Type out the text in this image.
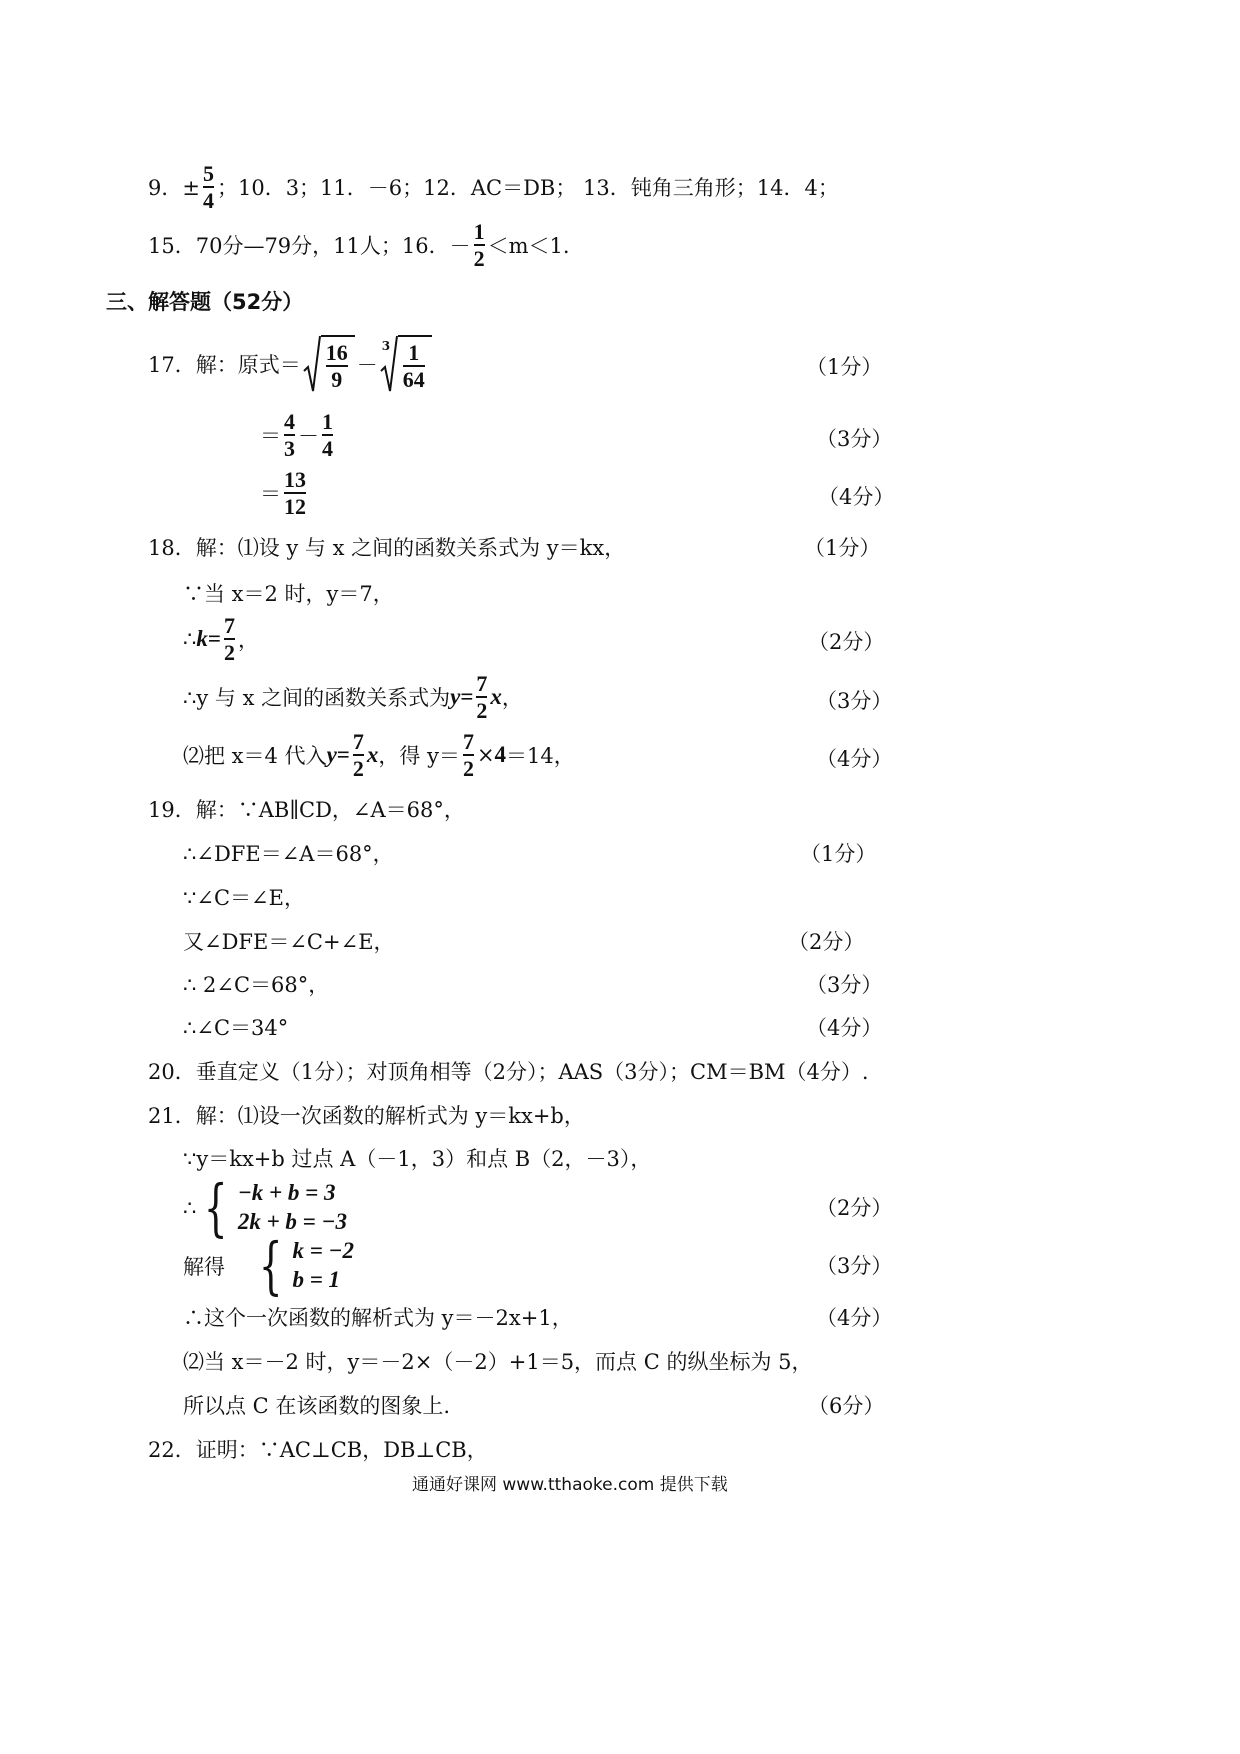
9．± $\frac{5}{4}$ ；10．3；11．－6；12．AC＝DB； 13．钝角三角形；14．4；
15．70分—79分，11人；16．－ $\frac{1}{2} <m<1$.
三、解答题（52分）
17．解：原式＝ $\frac{16}{9}$ －
$3 \frac{1}{64}$	（1分）
＝ $\frac{4}{3} - \frac{1}{4}$	（3分）
＝ $\frac{13}{12}$	（4分）
18．解：⑴设 y 与 x 之间的函数关系式为 y＝kx，	（1分）
∵当 x＝2 时，y＝7，
∴ $k = \frac{7}{2}$ ，	（2分）
∴y 与 x 之间的函数关系式为 $y = \frac{7}{2}$ x ，	（3分）
⑵把 x＝4 代入 $y = \frac{7}{2}$ x ，得 $y= \frac{7}{2} \times 4 =14$，	（4分）
19．解：∵AB∥CD，∠A＝68°，
∴∠DFE＝∠A＝68°，	（1分）
∵∠C＝∠E，
又∠DFE＝∠C+∠E，	（2分）
∴ 2∠C＝68°，	（3分）
∴∠C＝34°	（4分）
20．垂直定义（1分）；对顶角相等（2分）；AAS（3分）；CM＝BM（4分）.
21．解：⑴设一次函数的解析式为 y＝kx+b，
∵y＝kx+b 过点 A（－1，3）和点 B（2，－3），
∴ { −k + b = 3
2k + b = −3
（2分）
解得 { k = −2
b = 1
（3分）
∴这个一次函数的解析式为 y＝－2x+1，	（4分）
⑵当 x＝－2 时，y＝－2×（－2）+1＝5，而点 C 的纵坐标为 5，
所以点 C 在该函数的图象上.	（6分）
22．证明：∵AC⊥CB，DB⊥CB，
通通好课网 www.tthaoke.com 提供下载
